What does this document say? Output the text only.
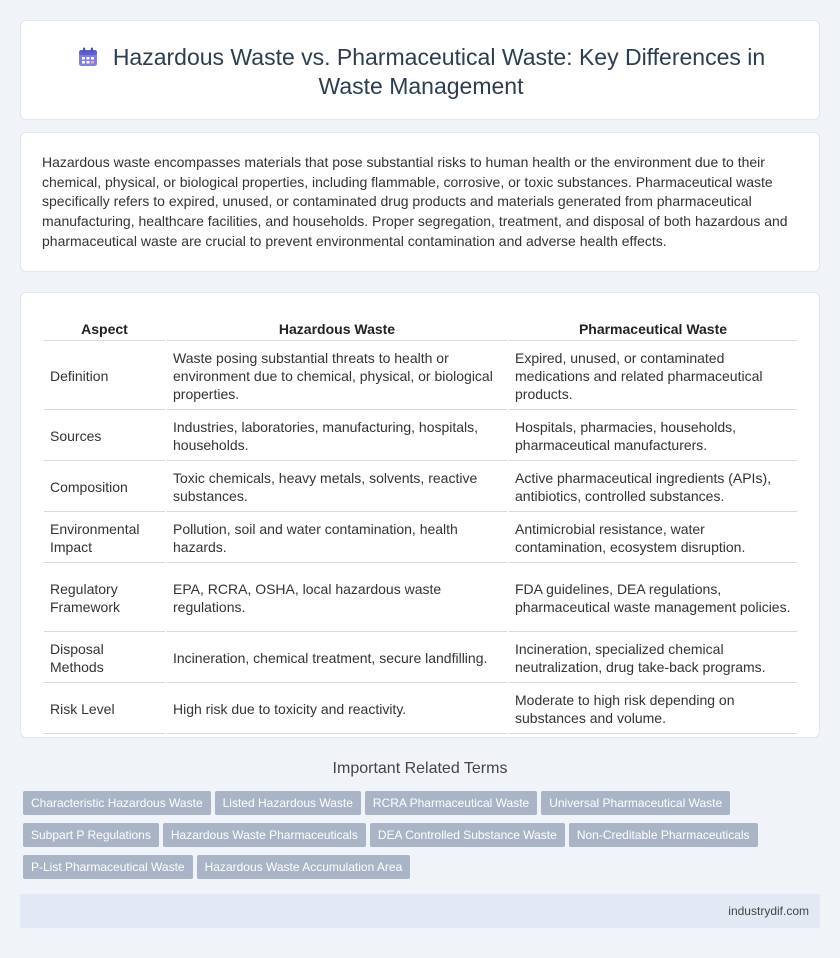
Hazardous Waste vs. Pharmaceutical Waste: Key Differences in Waste Management

Hazardous waste encompasses materials that pose substantial risks to human health or the environment due to their chemical, physical, or biological properties, including flammable, corrosive, or toxic substances. Pharmaceutical waste specifically refers to expired, unused, or contaminated drug products and materials generated from pharmaceutical manufacturing, healthcare facilities, and households. Proper segregation, treatment, and disposal of both hazardous and pharmaceutical waste are crucial to prevent environmental contamination and adverse health effects.

Aspect	Hazardous Waste	Pharmaceutical Waste
Definition	Waste posing substantial threats to health or environment due to chemical, physical, or biological properties.	Expired, unused, or contaminated medications and related pharmaceutical products.
Sources	Industries, laboratories, manufacturing, hospitals, households.	Hospitals, pharmacies, households, pharmaceutical manufacturers.
Composition	Toxic chemicals, heavy metals, solvents, reactive substances.	Active pharmaceutical ingredients (APIs), antibiotics, controlled substances.
Environmental Impact	Pollution, soil and water contamination, health hazards.	Antimicrobial resistance, water contamination, ecosystem disruption.
Regulatory Framework	EPA, RCRA, OSHA, local hazardous waste regulations.	FDA guidelines, DEA regulations, pharmaceutical waste management policies.
Disposal Methods	Incineration, chemical treatment, secure landfilling.	Incineration, specialized chemical neutralization, drug take-back programs.
Risk Level	High risk due to toxicity and reactivity.	Moderate to high risk depending on substances and volume.
Important Related Terms
Characteristic Hazardous Waste Listed Hazardous Waste RCRA Pharmaceutical Waste Universal Pharmaceutical Waste
Subpart P Regulations Hazardous Waste Pharmaceuticals DEA Controlled Substance Waste Non-Creditable Pharmaceuticals
P-List Pharmaceutical Waste Hazardous Waste Accumulation Area
industrydif.com
